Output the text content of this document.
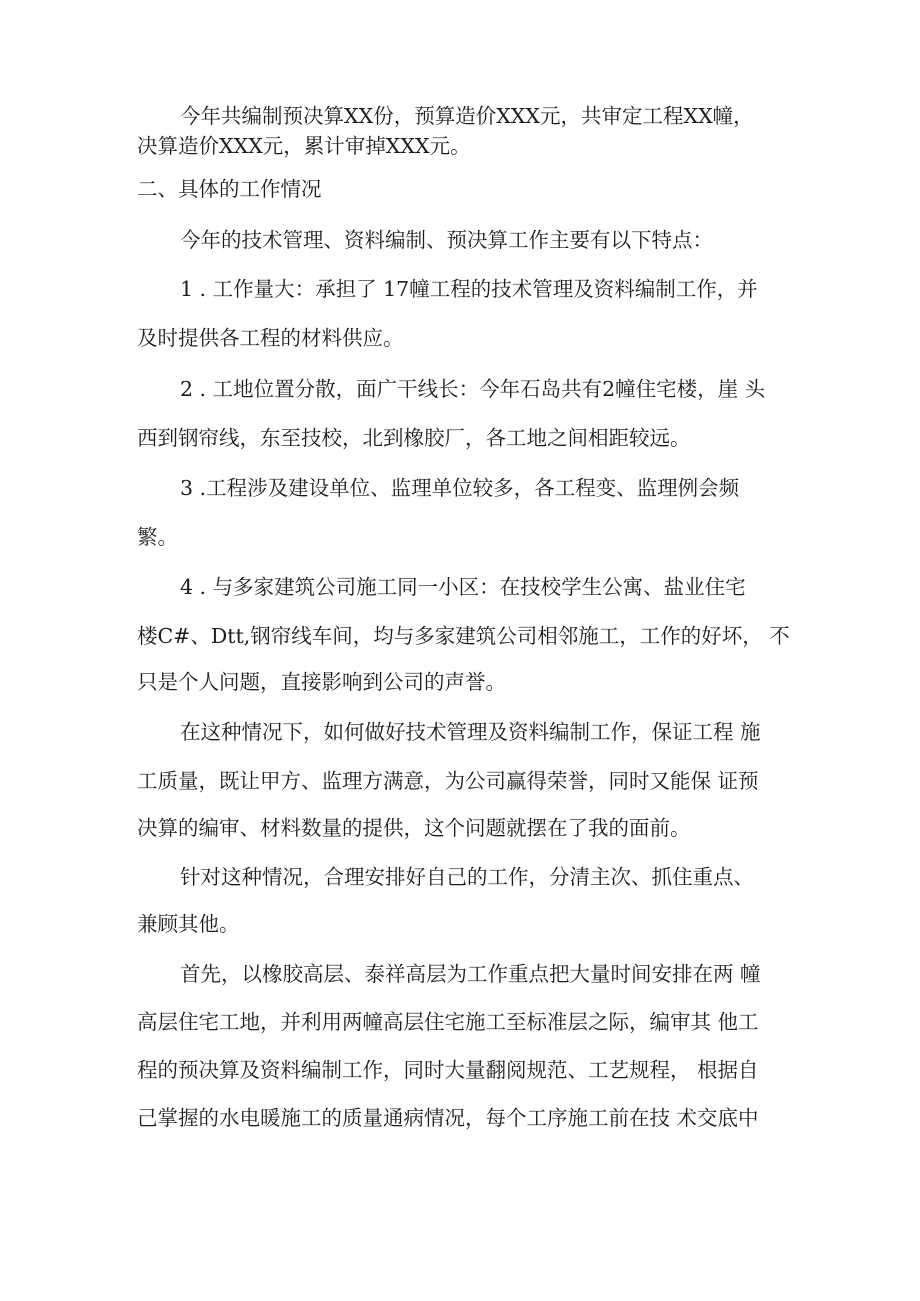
今年共编制预决算XX份，预算造价XXX元，共审定工程XX幢，
决算造价XXX元，累计审掉XXX元。
二、具体的工作情况
今年的技术管理、资料编制、预决算工作主要有以下特点：
1 . 工作量大：承担了 17幢工程的技术管理及资料编制工作，并
及时提供各工程的材料供应。
2 . 工地位置分散，面广干线长：今年石岛共有2幢住宅楼，崖 头
西到钢帘线，东至技校，北到橡胶厂，各工地之间相距较远。
3 .工程涉及建设单位、监理单位较多，各工程变、监理例会频
繁。
4 . 与多家建筑公司施工同一小区：在技校学生公寓、盐业住宅
楼C#、Dtt,钢帘线车间，均与多家建筑公司相邻施工，工作的好坏， 不
只是个人问题，直接影响到公司的声誉。
在这种情况下，如何做好技术管理及资料编制工作，保证工程 施
工质量，既让甲方、监理方满意，为公司赢得荣誉，同时又能保 证预
决算的编审、材料数量的提供，这个问题就摆在了我的面前。
针对这种情况，合理安排好自己的工作，分清主次、抓住重点、
兼顾其他。
首先，以橡胶高层、泰祥高层为工作重点把大量时间安排在两 幢
高层住宅工地，并利用两幢高层住宅施工至标准层之际，编审其 他工
程的预决算及资料编制工作，同时大量翻阅规范、工艺规程， 根据自
己掌握的水电暖施工的质量通病情况，每个工序施工前在技 术交底中
